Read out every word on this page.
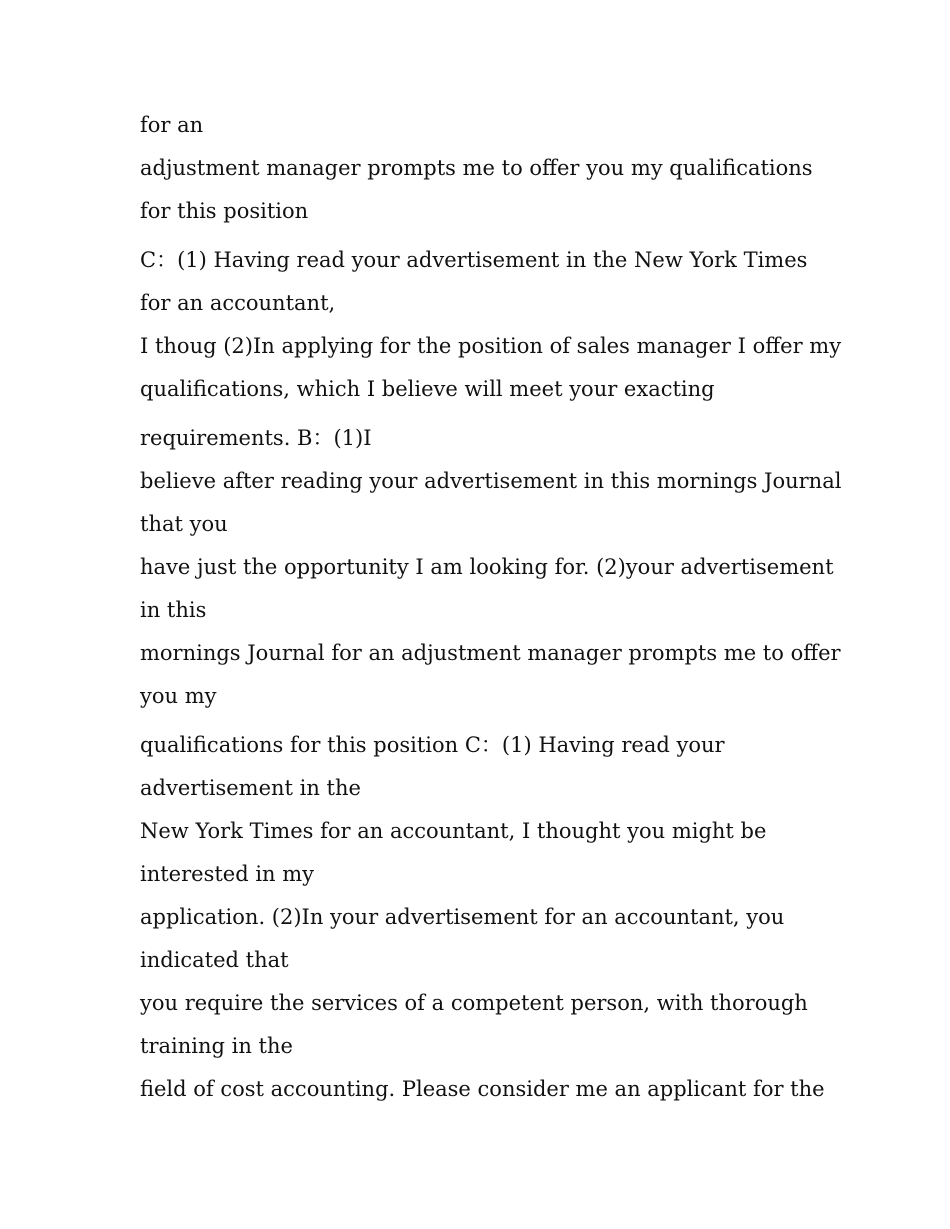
for an
adjustment manager prompts me to offer you my qualifications
for this position
C：(1) Having read your advertisement in the New York Times
for an accountant,
I thoug (2)In applying for the position of sales manager I offer my
qualifications, which I believe will meet your exacting
requirements. B：(1)I
believe after reading your advertisement in this mornings Journal
that you
have just the opportunity I am looking for. (2)your advertisement
in this
mornings Journal for an adjustment manager prompts me to offer
you my
qualifications for this position C：(1) Having read your
advertisement in the
New York Times for an accountant, I thought you might be
interested in my
application. (2)In your advertisement for an accountant, you
indicated that
you require the services of a competent person, with thorough
training in the
field of cost accounting. Please consider me an applicant for the
